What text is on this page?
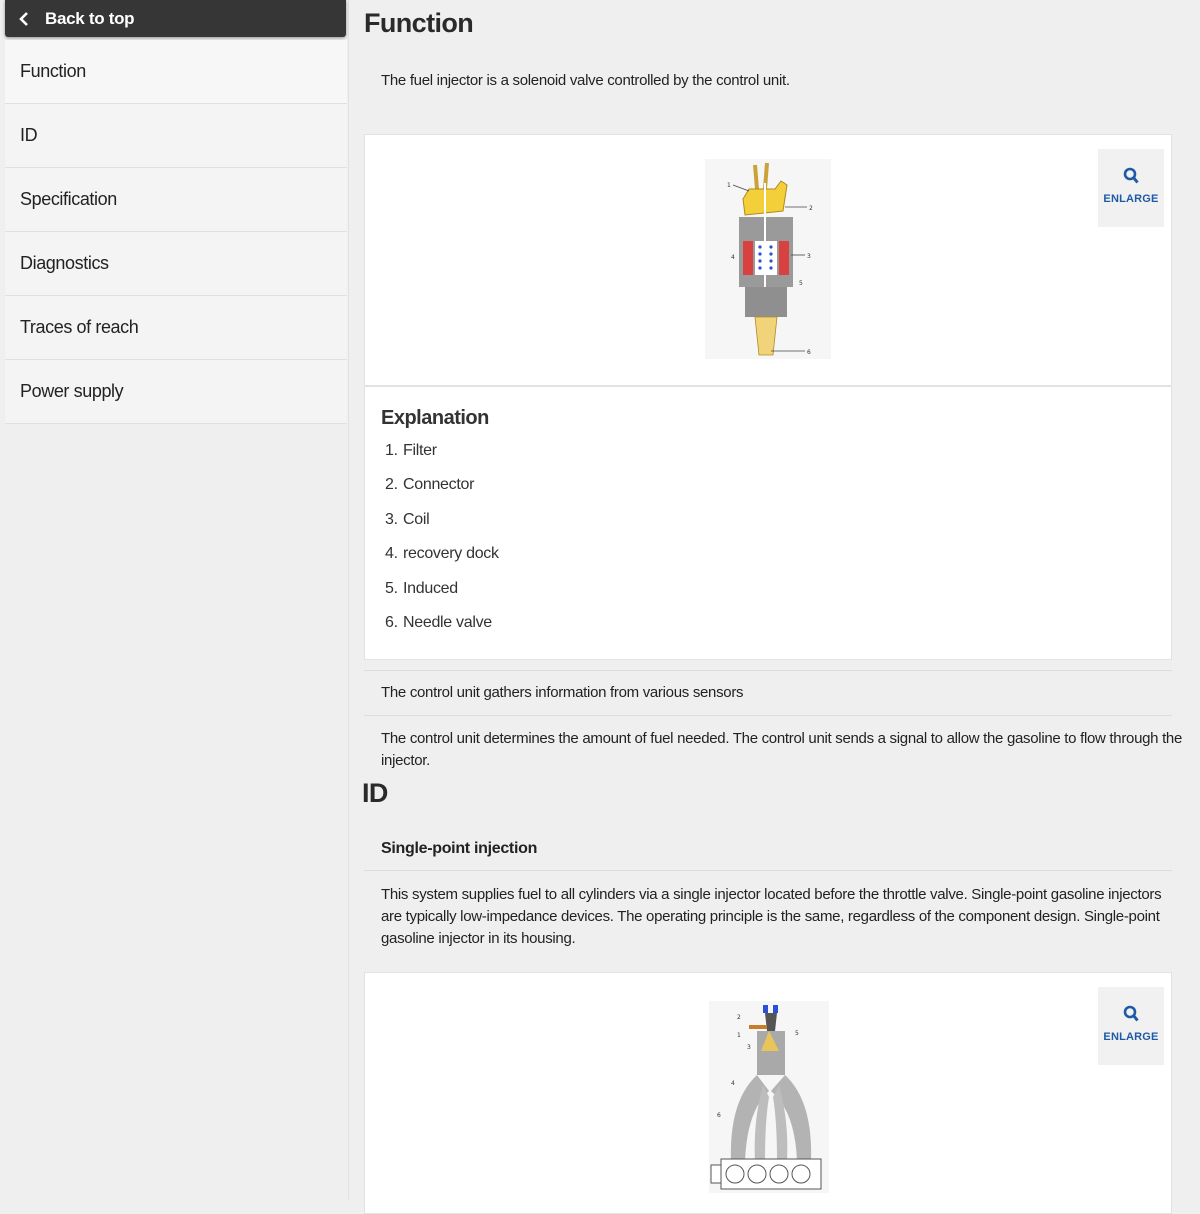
Back to top
Function
ID
Specification
Diagnostics
Traces of reach
Power supply
Function
The fuel injector is a solenoid valve controlled by the control unit.
2
1
3
4
5
6
ENLARGE
Explanation
1. Filter
2. Connector
3. Coil
4. recovery dock
5. Induced
6. Needle valve
The control unit gathers information from various sensors
The control unit determines the amount of fuel needed. The control unit sends a signal to allow the gasoline to flow through the injector.
ID
Single-point injection
This system supplies fuel to all cylinders via a single injector located before the throttle valve. Single-point gasoline injectors are typically low-impedance devices. The operating principle is the same, regardless of the component design. Single-point gasoline injector in its housing.
2
1
3
5
4
6
ENLARGE
